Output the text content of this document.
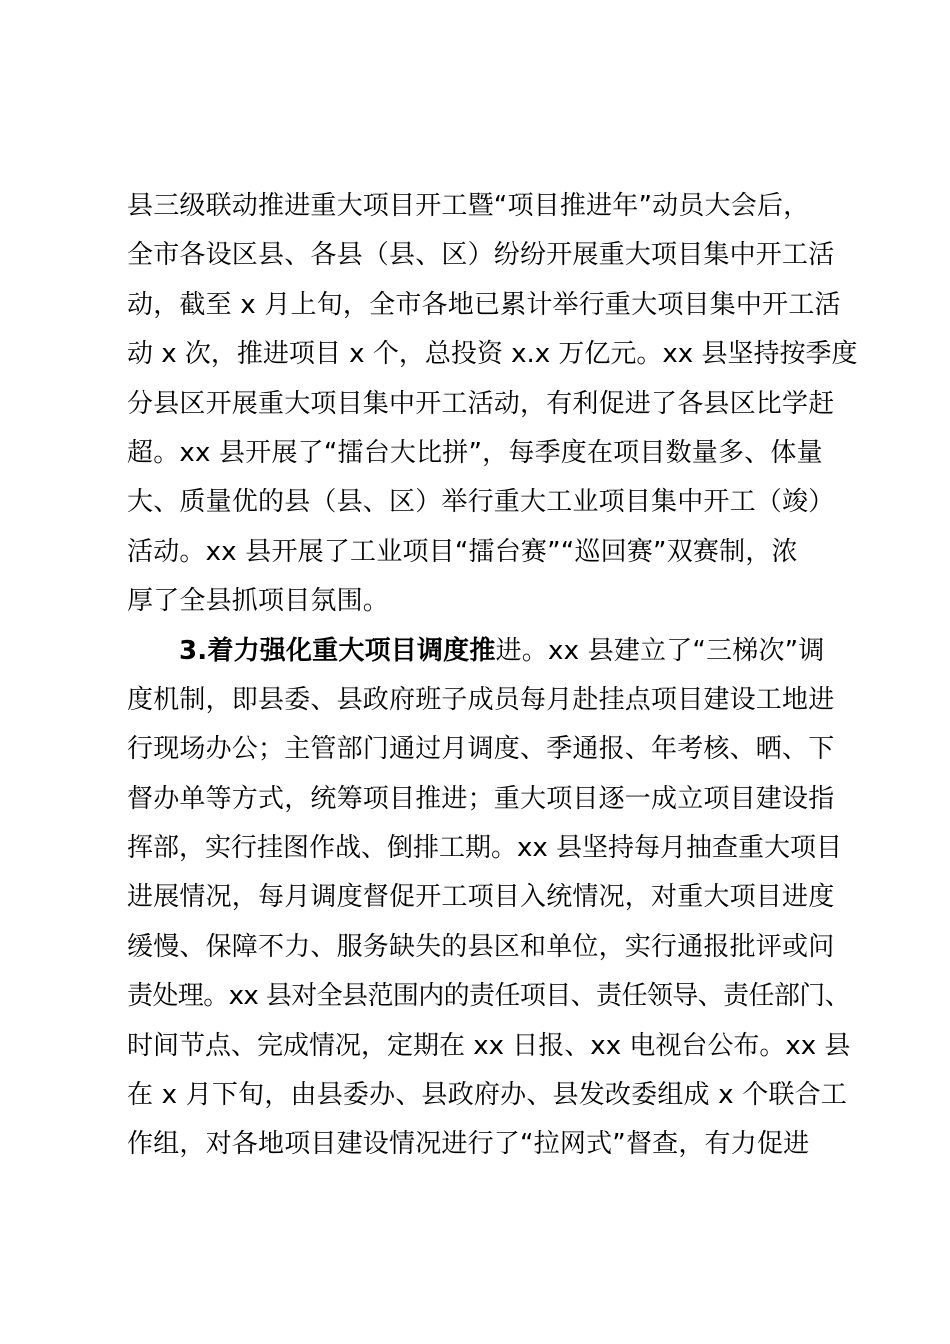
县三级联动推进重大项目开工暨“项目推进年”动员大会后，
全市各设区县、各县（县、区）纷纷开展重大项目集中开工活
动，截至 x 月上旬，全市各地已累计举行重大项目集中开工活
动 x 次，推进项目 x 个，总投资 x.x 万亿元。xx 县坚持按季度
分县区开展重大项目集中开工活动，有利促进了各县区比学赶
超。xx 县开展了“擂台大比拼”，每季度在项目数量多、体量
大、质量优的县（县、区）举行重大工业项目集中开工（竣）
活动。xx 县开展了工业项目“擂台赛”“巡回赛”双赛制，浓
厚了全县抓项目氛围。
3.着力强化重大项目调度推进。xx 县建立了“三梯次”调
度机制，即县委、县政府班子成员每月赴挂点项目建设工地进
行现场办公；主管部门通过月调度、季通报、年考核、晒、下
督办单等方式，统筹项目推进；重大项目逐一成立项目建设指
挥部，实行挂图作战、倒排工期。xx 县坚持每月抽查重大项目
进展情况，每月调度督促开工项目入统情况，对重大项目进度
缓慢、保障不力、服务缺失的县区和单位，实行通报批评或问
责处理。xx 县对全县范围内的责任项目、责任领导、责任部门、
时间节点、完成情况，定期在 xx 日报、xx 电视台公布。xx 县
在 x 月下旬，由县委办、县政府办、县发改委组成 x 个联合工
作组，对各地项目建设情况进行了“拉网式”督查，有力促进
